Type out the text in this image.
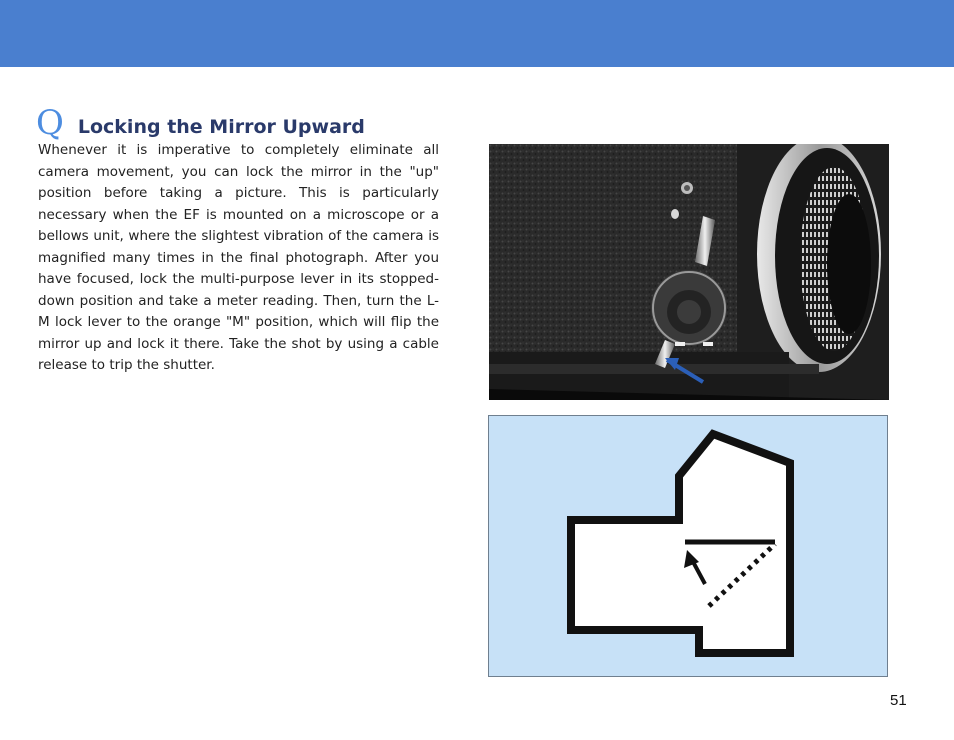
Q Locking the Mirror Upward

Whenever it is imperative to completely eliminate all camera movement, you can lock the mirror in the "up" position before taking a picture. This is particularly necessary when the EF is mounted on a microscope or a bellows unit, where the slightest vibration of the camera is magnified many times in the final photograph. After you have focused, lock the multi-purpose lever in its stopped-down position and take a meter reading. Then, turn the L-M lock lever to the orange "M" position, which will flip the mirror up and lock it there. Take the shot by using a cable release to trip the shutter.

51
